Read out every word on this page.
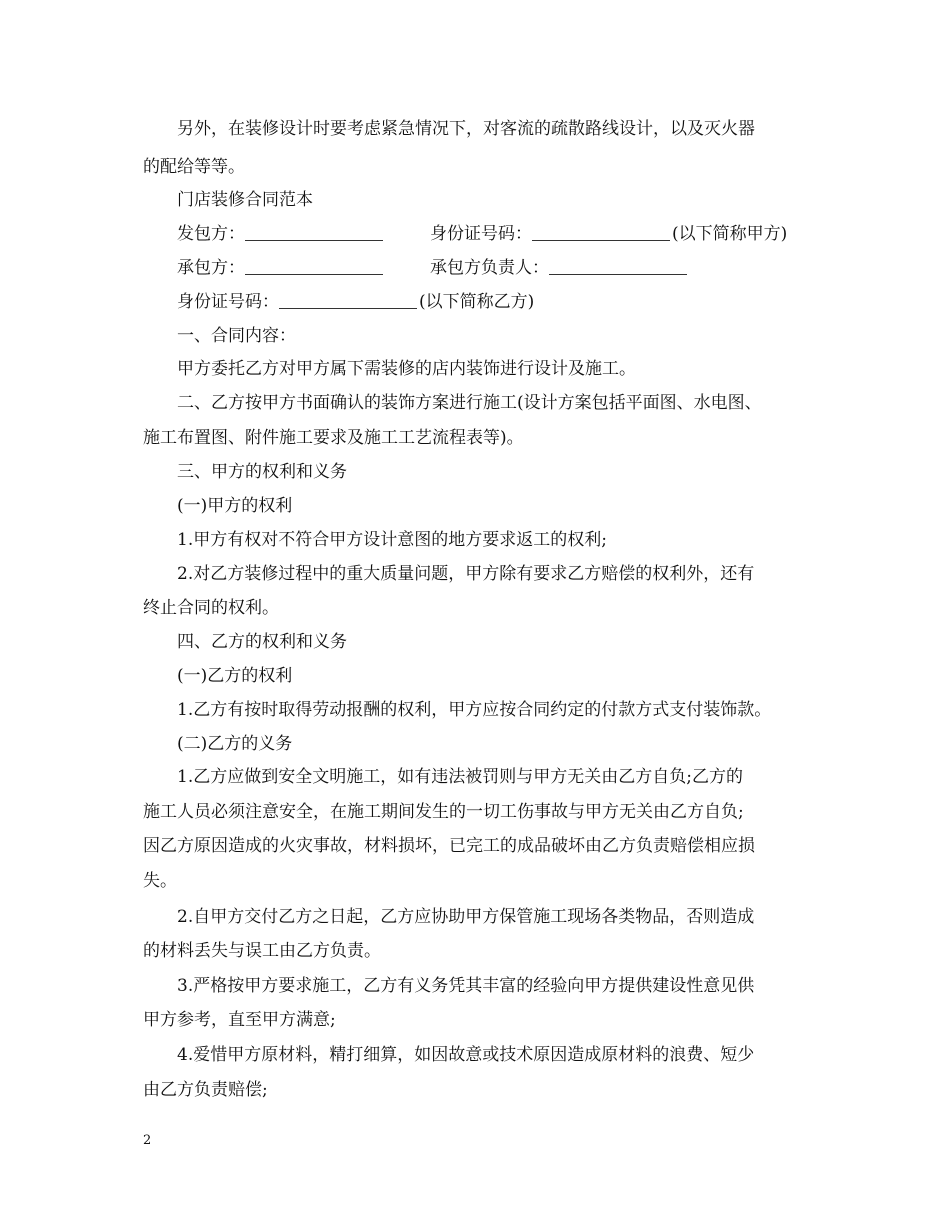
另外，在装修设计时要考虑紧急情况下，对客流的疏散路线设计，以及灭火器
的配给等等。
门店装修合同范本
发包方：	身份证号码：	(以下简称甲方)
承包方：	承包方负责人：
身份证号码：	(以下简称乙方)
一、合同内容：
甲方委托乙方对甲方属下需装修的店内装饰进行设计及施工。
二、乙方按甲方书面确认的装饰方案进行施工(设计方案包括平面图、水电图、
施工布置图、附件施工要求及施工工艺流程表等)。
三、甲方的权利和义务
(一)甲方的权利
1.甲方有权对不符合甲方设计意图的地方要求返工的权利;
2.对乙方装修过程中的重大质量问题，甲方除有要求乙方赔偿的权利外，还有
终止合同的权利。
四、乙方的权利和义务
(一)乙方的权利
1.乙方有按时取得劳动报酬的权利，甲方应按合同约定的付款方式支付装饰款。
(二)乙方的义务
1.乙方应做到安全文明施工，如有违法被罚则与甲方无关由乙方自负;乙方的
施工人员必须注意安全，在施工期间发生的一切工伤事故与甲方无关由乙方自负;
因乙方原因造成的火灾事故，材料损坏，已完工的成品破坏由乙方负责赔偿相应损
失。
2.自甲方交付乙方之日起，乙方应协助甲方保管施工现场各类物品，否则造成
的材料丢失与误工由乙方负责。
3.严格按甲方要求施工，乙方有义务凭其丰富的经验向甲方提供建设性意见供
甲方参考，直至甲方满意;
4.爱惜甲方原材料，精打细算，如因故意或技术原因造成原材料的浪费、短少
由乙方负责赔偿;
2
